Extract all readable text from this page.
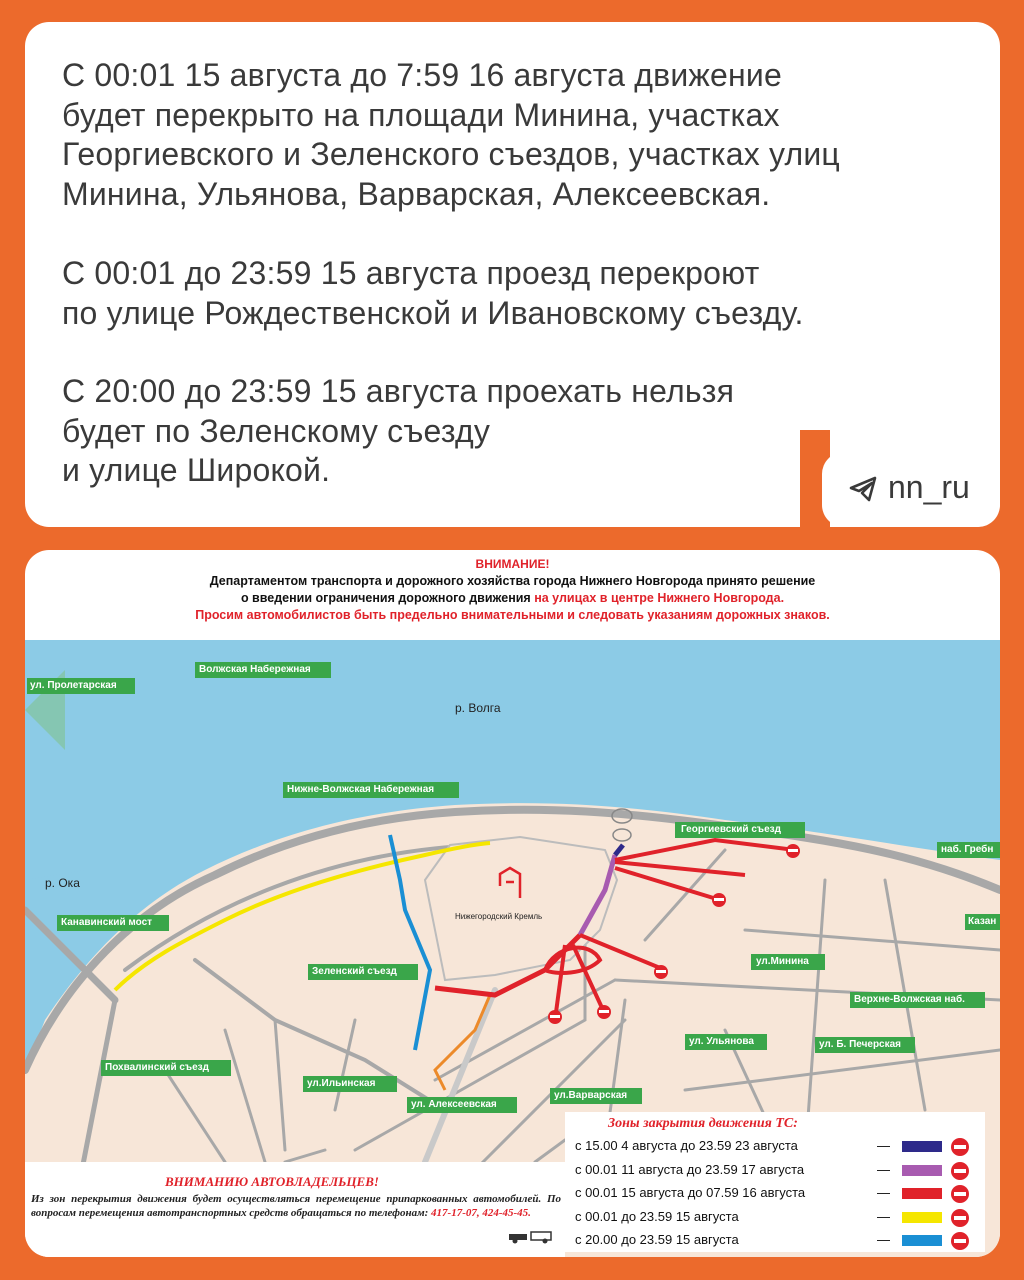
nn_ru
С 00:01 15 августа до 7:59 16 августа движение
будет перекрыто на площади Минина, участках
Георгиевского и Зеленского съездов, участках улиц
Минина, Ульянова, Варварская, Алексеевская.
С 00:01 до 23:59 15 августа проезд перекроют
по улице Рождественской и Ивановскому съезду.
С 20:00 до 23:59 15 августа проехать нельзя
будет по Зеленскому съезду
и улице Широкой.
ВНИМАНИЕ!
Департаментом транспорта и дорожного хозяйства города Нижнего Новгорода принято решение
о введении ограничения дорожного движения на улицах в центре Нижнего Новгорода.
Просим автомобилистов быть предельно внимательными и следовать указаниям дорожных знаков.
р. Волга
р. Ока
Нижегородский Кремль
ул. Пролетарская
Волжская Набережная
Нижне-Волжская Набережная
Георгиевский съезд
наб. Гребн
Канавинский мост	Казан
Зеленский съезд
ул.Минина
Верхне-Волжская наб.
Похвалинский съезд
ул. Ульянова	ул. Б. Печерская
ул.Ильинская
ул.Варварская
ул. Алексеевская
ВНИМАНИЮ АВТОВЛАДЕЛЬЦЕВ!
Из зон перекрытия движения будет осуществляться перемещение припаркованных автомобилей. По вопросам перемещения автотранспортных средств обращаться по телефонам: 417-17-07, 424-45-45.
Зоны закрытия движения ТС:
с 15.00 4 августа до 23.59 23 августа
с 00.01 11 августа до 23.59 17 августа
с 00.01 15 августа до 07.59 16 августа
с 00.01 до 23.59 15 августа
с 20.00 до 23.59 15 августа
—
—
—
—
—
